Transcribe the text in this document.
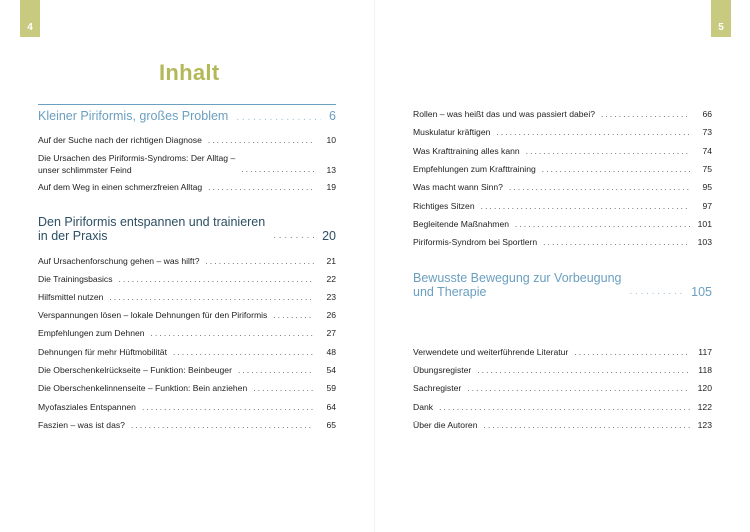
4	5
Inhalt
Kleiner Piriformis, großes Problem . . .	6
Auf der Suche nach der richtigen Diagnose . . .	10
Die Ursachen des Piriformis-Syndroms: Der Alltag –
unser schlimmster Feind . . .	13
Auf dem Weg in einen schmerzfreien Alltag . . .	19
Den Piriformis entspannen und trainieren
in der Praxis . . .	20
Auf Ursachenforschung gehen – was hilft? . . .	21
Die Trainingsbasics . . .	22
Hilfsmittel nutzen . . .	23
Verspannungen lösen – lokale Dehnungen für den Piriformis . . .	26
Empfehlungen zum Dehnen . . .	27
Dehnungen für mehr Hüftmobilität . . .	48
Die Oberschenkelrückseite – Funktion: Beinbeuger . . .	54
Die Oberschenkelinnenseite – Funktion: Bein anziehen . . .	59
Myofasziales Entspannen . . .	64
Faszien – was ist das? . . .	65
Rollen – was heißt das und was passiert dabei? . . .	66
Muskulatur kräftigen . . .	73
Was Krafttraining alles kann . . .	74
Empfehlungen zum Krafttraining . . .	75
Was macht wann Sinn? . . .	95
Richtiges Sitzen . . .	97
Begleitende Maßnahmen . . .	101
Piriformis-Syndrom bei Sportlern . . .	103
Bewusste Bewegung zur Vorbeugung
und Therapie . . .	105
Verwendete und weiterführende Literatur . . .	117
Übungsregister . . .	118
Sachregister . . .	120
Dank . . .	122
Über die Autoren . . .	123
